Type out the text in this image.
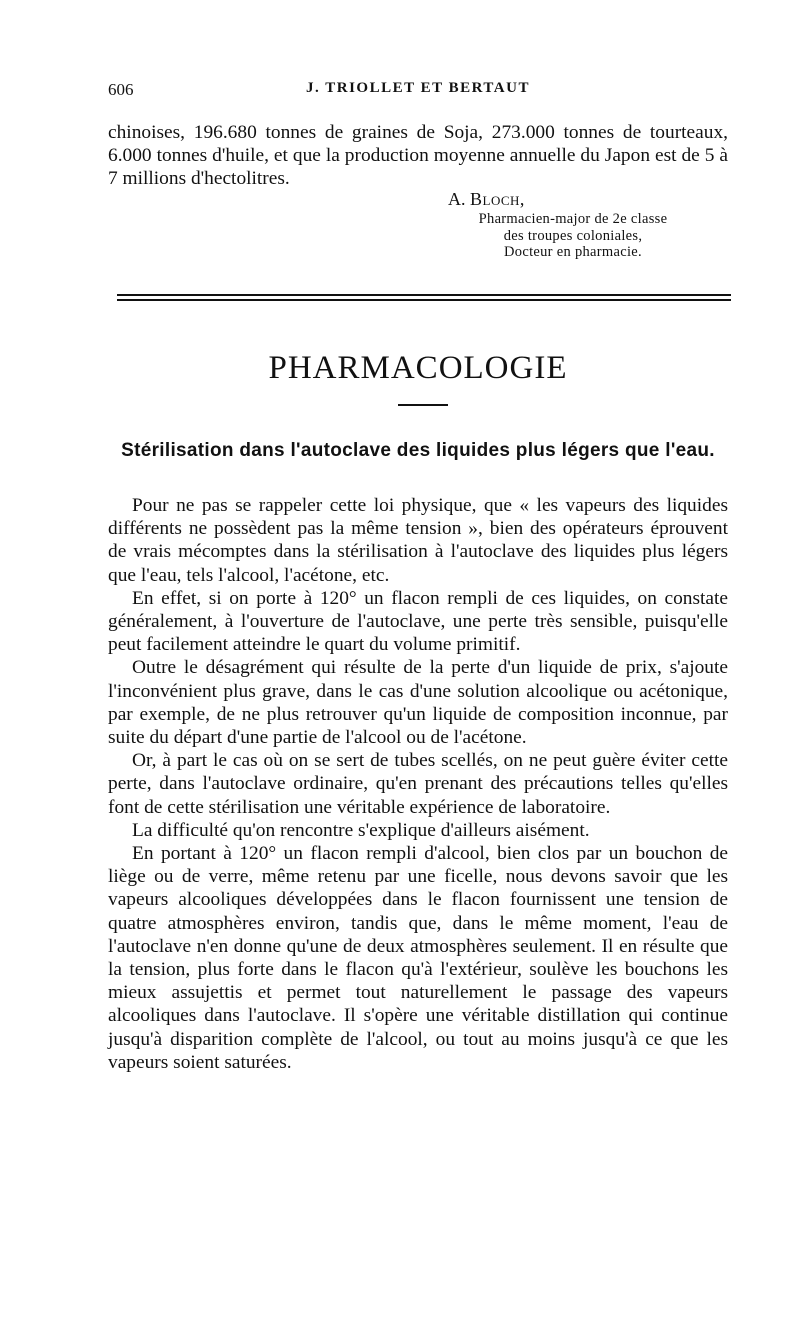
606	J. TRIOLLET ET BERTAUT

chinoises, 196.680 tonnes de graines de Soja, 273.000 tonnes de tourteaux, 6.000 tonnes d'huile, et que la production moyenne annuelle du Japon est de 5 à 7 millions d'hectolitres.

A. Bloch,
Pharmacien-major de 2e classe
des troupes coloniales,
Docteur en pharmacie.
PHARMACOLOGIE
Stérilisation dans l'autoclave des liquides plus légers que l'eau.

Pour ne pas se rappeler cette loi physique, que « les vapeurs des liquides différents ne possèdent pas la même tension », bien des opérateurs éprouvent de vrais mécomptes dans la stérilisation à l'autoclave des liquides plus légers que l'eau, tels l'alcool, l'acétone, etc.

En effet, si on porte à 120° un flacon rempli de ces liquides, on constate généralement, à l'ouverture de l'autoclave, une perte très sensible, puisqu'elle peut facilement atteindre le quart du volume primitif.

Outre le désagrément qui résulte de la perte d'un liquide de prix, s'ajoute l'inconvénient plus grave, dans le cas d'une solution alcoolique ou acétonique, par exemple, de ne plus retrouver qu'un liquide de composition inconnue, par suite du départ d'une partie de l'alcool ou de l'acétone.

Or, à part le cas où on se sert de tubes scellés, on ne peut guère éviter cette perte, dans l'autoclave ordinaire, qu'en prenant des précautions telles qu'elles font de cette stérilisation une véritable expérience de laboratoire.

La difficulté qu'on rencontre s'explique d'ailleurs aisément.

En portant à 120° un flacon rempli d'alcool, bien clos par un bouchon de liège ou de verre, même retenu par une ficelle, nous devons savoir que les vapeurs alcooliques développées dans le flacon fournissent une tension de quatre atmosphères environ, tandis que, dans le même moment, l'eau de l'autoclave n'en donne qu'une de deux atmosphères seulement. Il en résulte que la tension, plus forte dans le flacon qu'à l'extérieur, soulève les bouchons les mieux assujettis et permet tout naturellement le passage des vapeurs alcooliques dans l'autoclave. Il s'opère une véritable distillation qui continue jusqu'à disparition complète de l'alcool, ou tout au moins jusqu'à ce que les vapeurs soient saturées.
